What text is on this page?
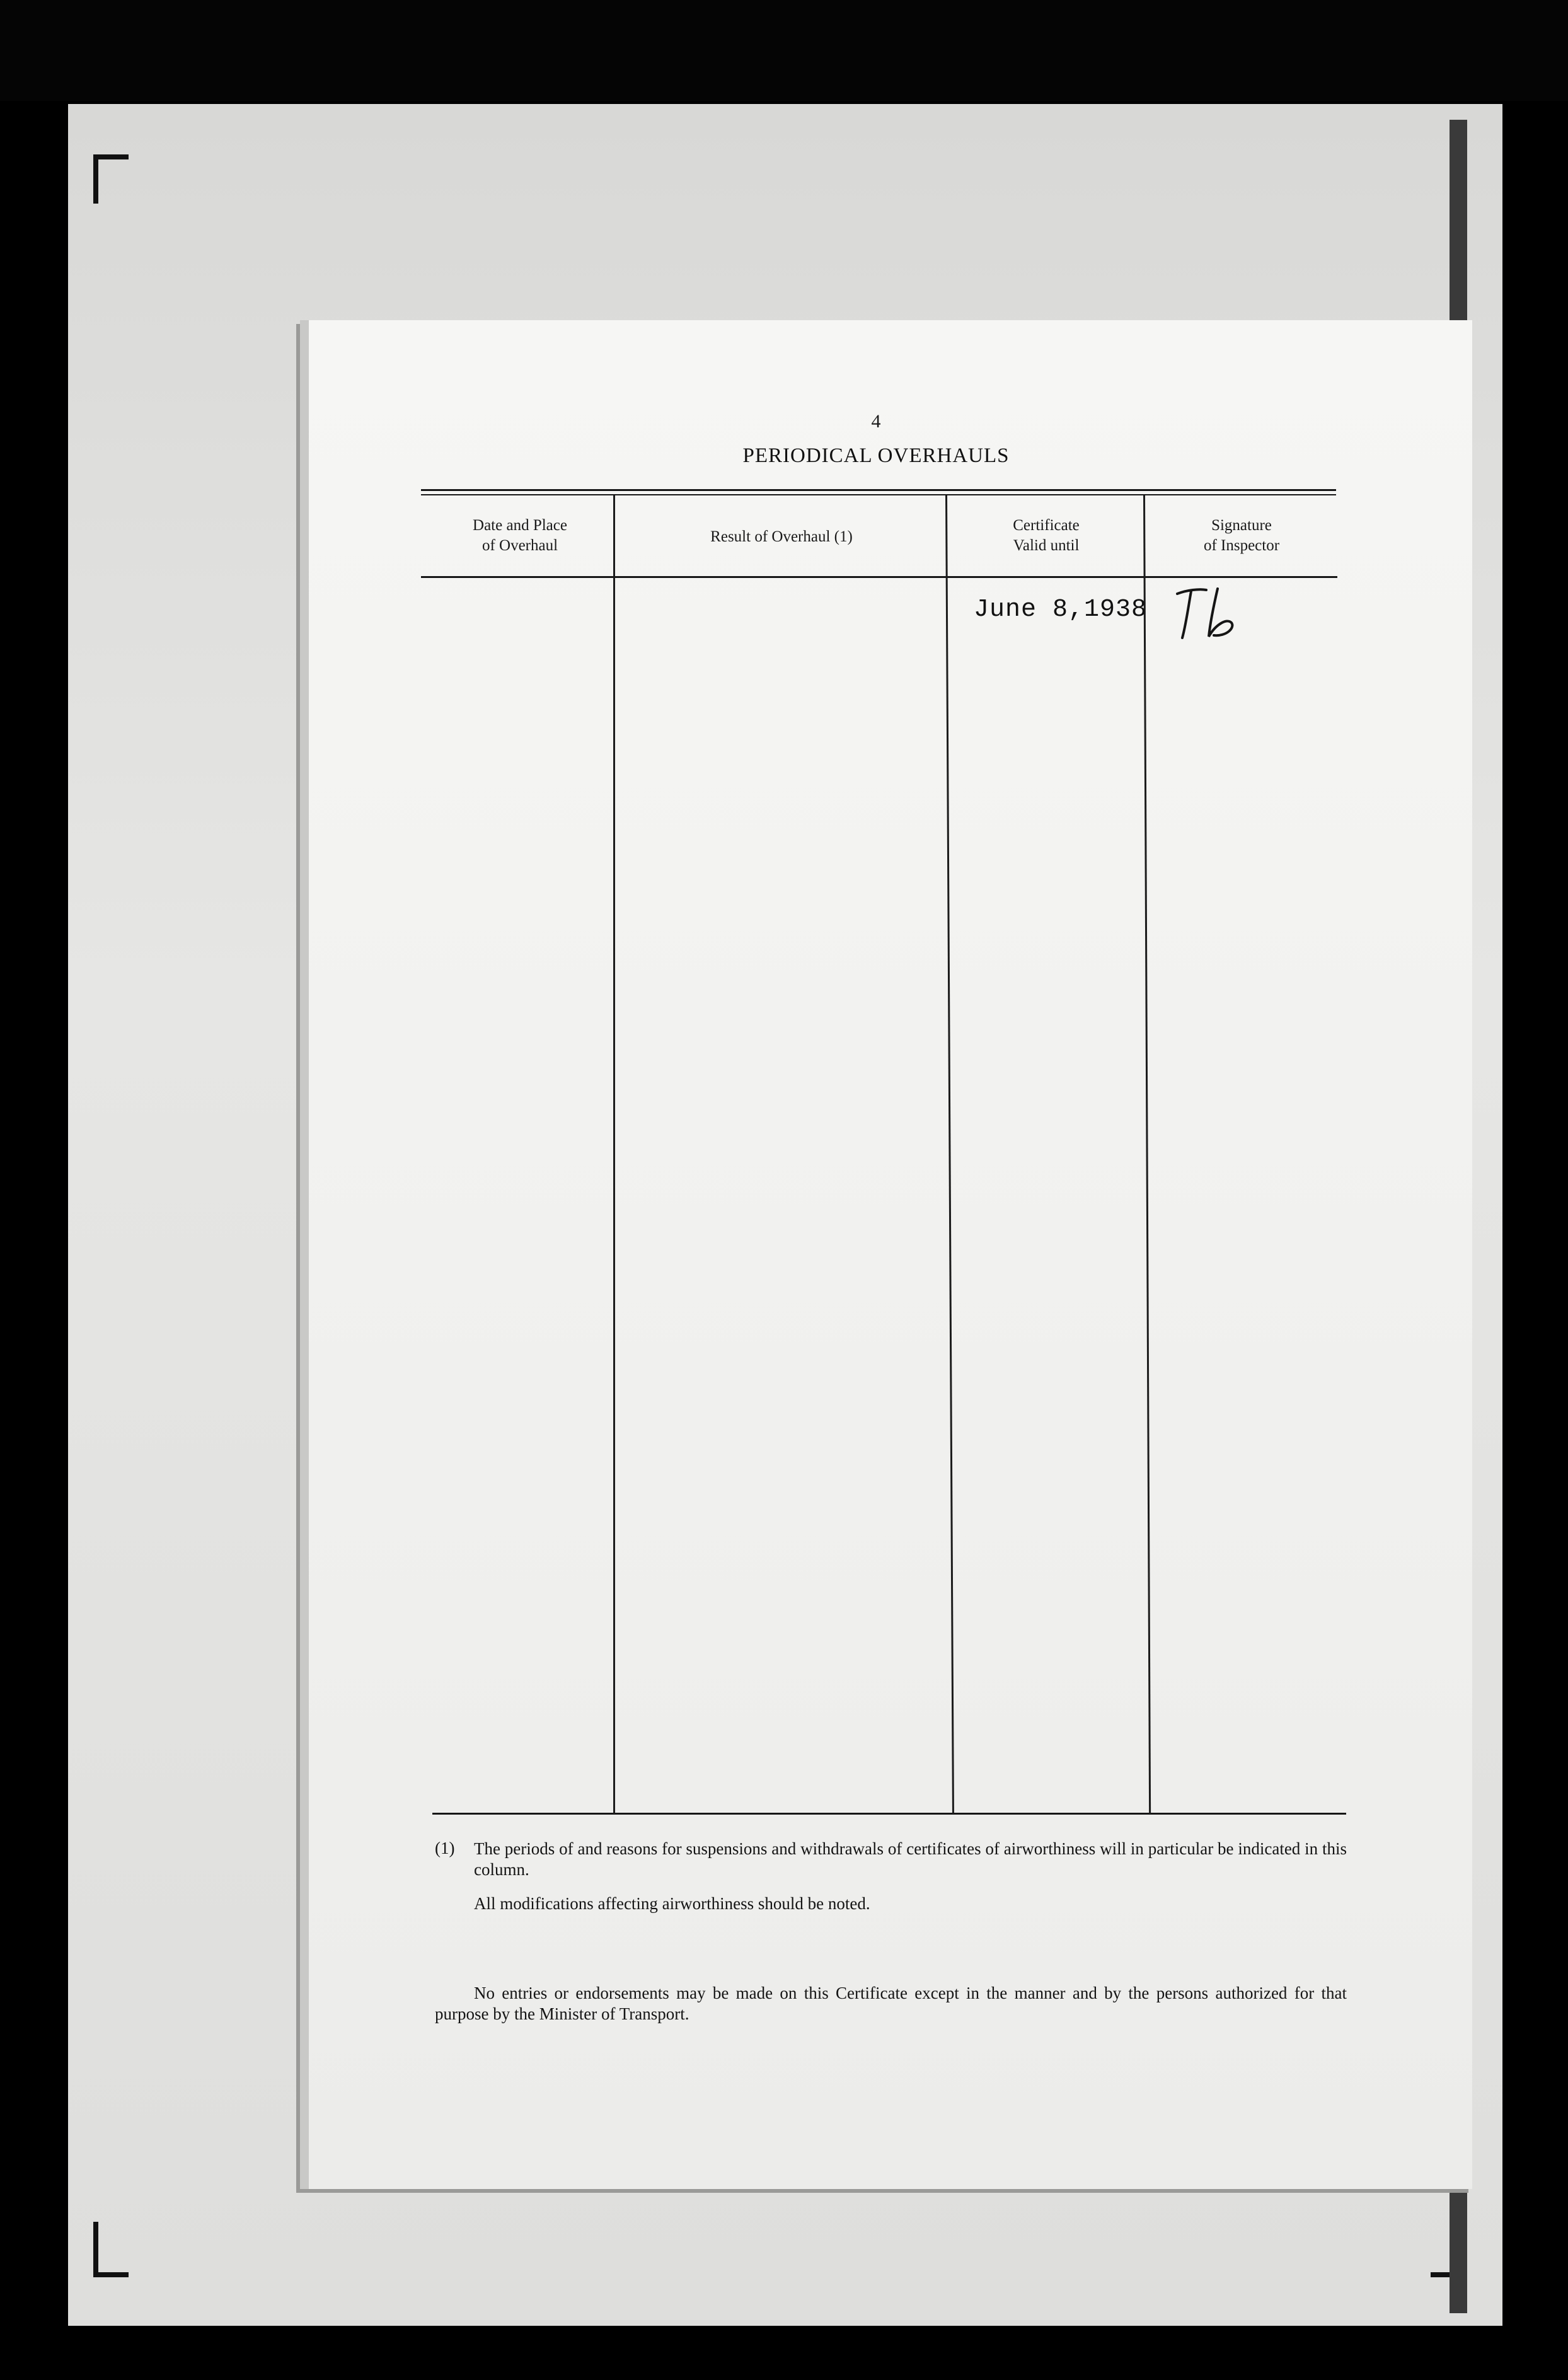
4
PERIODICAL OVERHAULS
Date and Place
of Overhaul
Result of Overhaul (1)
Certificate
Valid until
Signature
of Inspector
June 8,1938
(1) The periods of and reasons for suspensions and withdrawals of certificates of airworthiness will in particular be indicated in this column.
All modifications affecting airworthiness should be noted.
No entries or endorsements may be made on this Certificate except in the manner and by the persons authorized for that purpose by the Minister of Transport.
